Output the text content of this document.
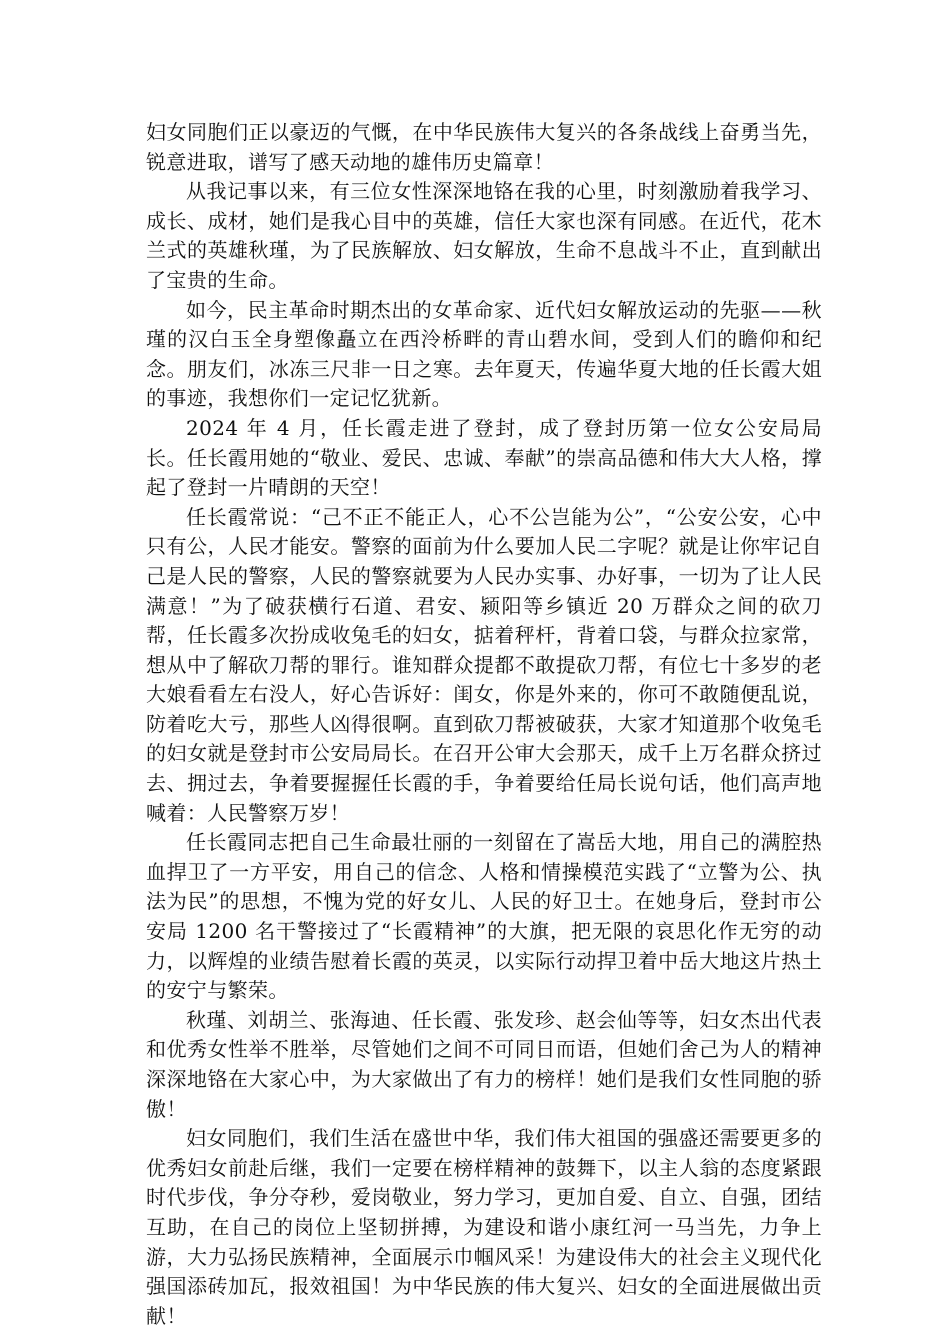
妇女同胞们正以豪迈的气慨，在中华民族伟大复兴的各条战线上奋勇当先，锐意进取，谱写了感天动地的雄伟历史篇章！

从我记事以来，有三位女性深深地铬在我的心里，时刻激励着我学习、成长、成材，她们是我心目中的英雄，信任大家也深有同感。在近代，花木兰式的英雄秋瑾，为了民族解放、妇女解放，生命不息战斗不止，直到献出了宝贵的生命。

如今，民主革命时期杰出的女革命家、近代妇女解放运动的先驱——秋瑾的汉白玉全身塑像矗立在西泠桥畔的青山碧水间，受到人们的瞻仰和纪念。朋友们，冰冻三尺非一日之寒。去年夏天，传遍华夏大地的任长霞大姐的事迹，我想你们一定记忆犹新。

2024 年 4 月，任长霞走进了登封，成了登封历第一位女公安局局长。任长霞用她的“敬业、爱民、忠诚、奉献”的崇高品德和伟大大人格，撑起了登封一片晴朗的天空！

任长霞常说：“己不正不能正人，心不公岂能为公”，“公安公安，心中只有公，人民才能安。警察的面前为什么要加人民二字呢？就是让你牢记自己是人民的警察，人民的警察就要为人民办实事、办好事，一切为了让人民满意！”为了破获横行石道、君安、颍阳等乡镇近 20 万群众之间的砍刀帮，任长霞多次扮成收兔毛的妇女，掂着秤杆，背着口袋，与群众拉家常，想从中了解砍刀帮的罪行。谁知群众提都不敢提砍刀帮，有位七十多岁的老大娘看看左右没人，好心告诉好：闺女，你是外来的，你可不敢随便乱说，防着吃大亏，那些人凶得很啊。直到砍刀帮被破获，大家才知道那个收兔毛的妇女就是登封市公安局局长。在召开公审大会那天，成千上万名群众挤过去、拥过去，争着要握握任长霞的手，争着要给任局长说句话，他们高声地喊着：人民警察万岁！

任长霞同志把自己生命最壮丽的一刻留在了嵩岳大地，用自己的满腔热血捍卫了一方平安，用自己的信念、人格和情操模范实践了“立警为公、执法为民”的思想，不愧为党的好女儿、人民的好卫士。在她身后，登封市公安局 1200 名干警接过了“长霞精神”的大旗，把无限的哀思化作无穷的动力，以辉煌的业绩告慰着长霞的英灵，以实际行动捍卫着中岳大地这片热土的安宁与繁荣。

秋瑾、刘胡兰、张海迪、任长霞、张发珍、赵会仙等等，妇女杰出代表和优秀女性举不胜举，尽管她们之间不可同日而语，但她们舍己为人的精神深深地铬在大家心中，为大家做出了有力的榜样！她们是我们女性同胞的骄傲！

妇女同胞们，我们生活在盛世中华，我们伟大祖国的强盛还需要更多的优秀妇女前赴后继，我们一定要在榜样精神的鼓舞下，以主人翁的态度紧跟时代步伐，争分夺秒，爱岗敬业，努力学习，更加自爱、自立、自强，团结互助，在自己的岗位上坚韧拼搏，为建设和谐小康红河一马当先，力争上游，大力弘扬民族精神，全面展示巾帼风采！为建设伟大的社会主义现代化强国添砖加瓦，报效祖国！为中华民族的伟大复兴、妇女的全面进展做出贡献！
